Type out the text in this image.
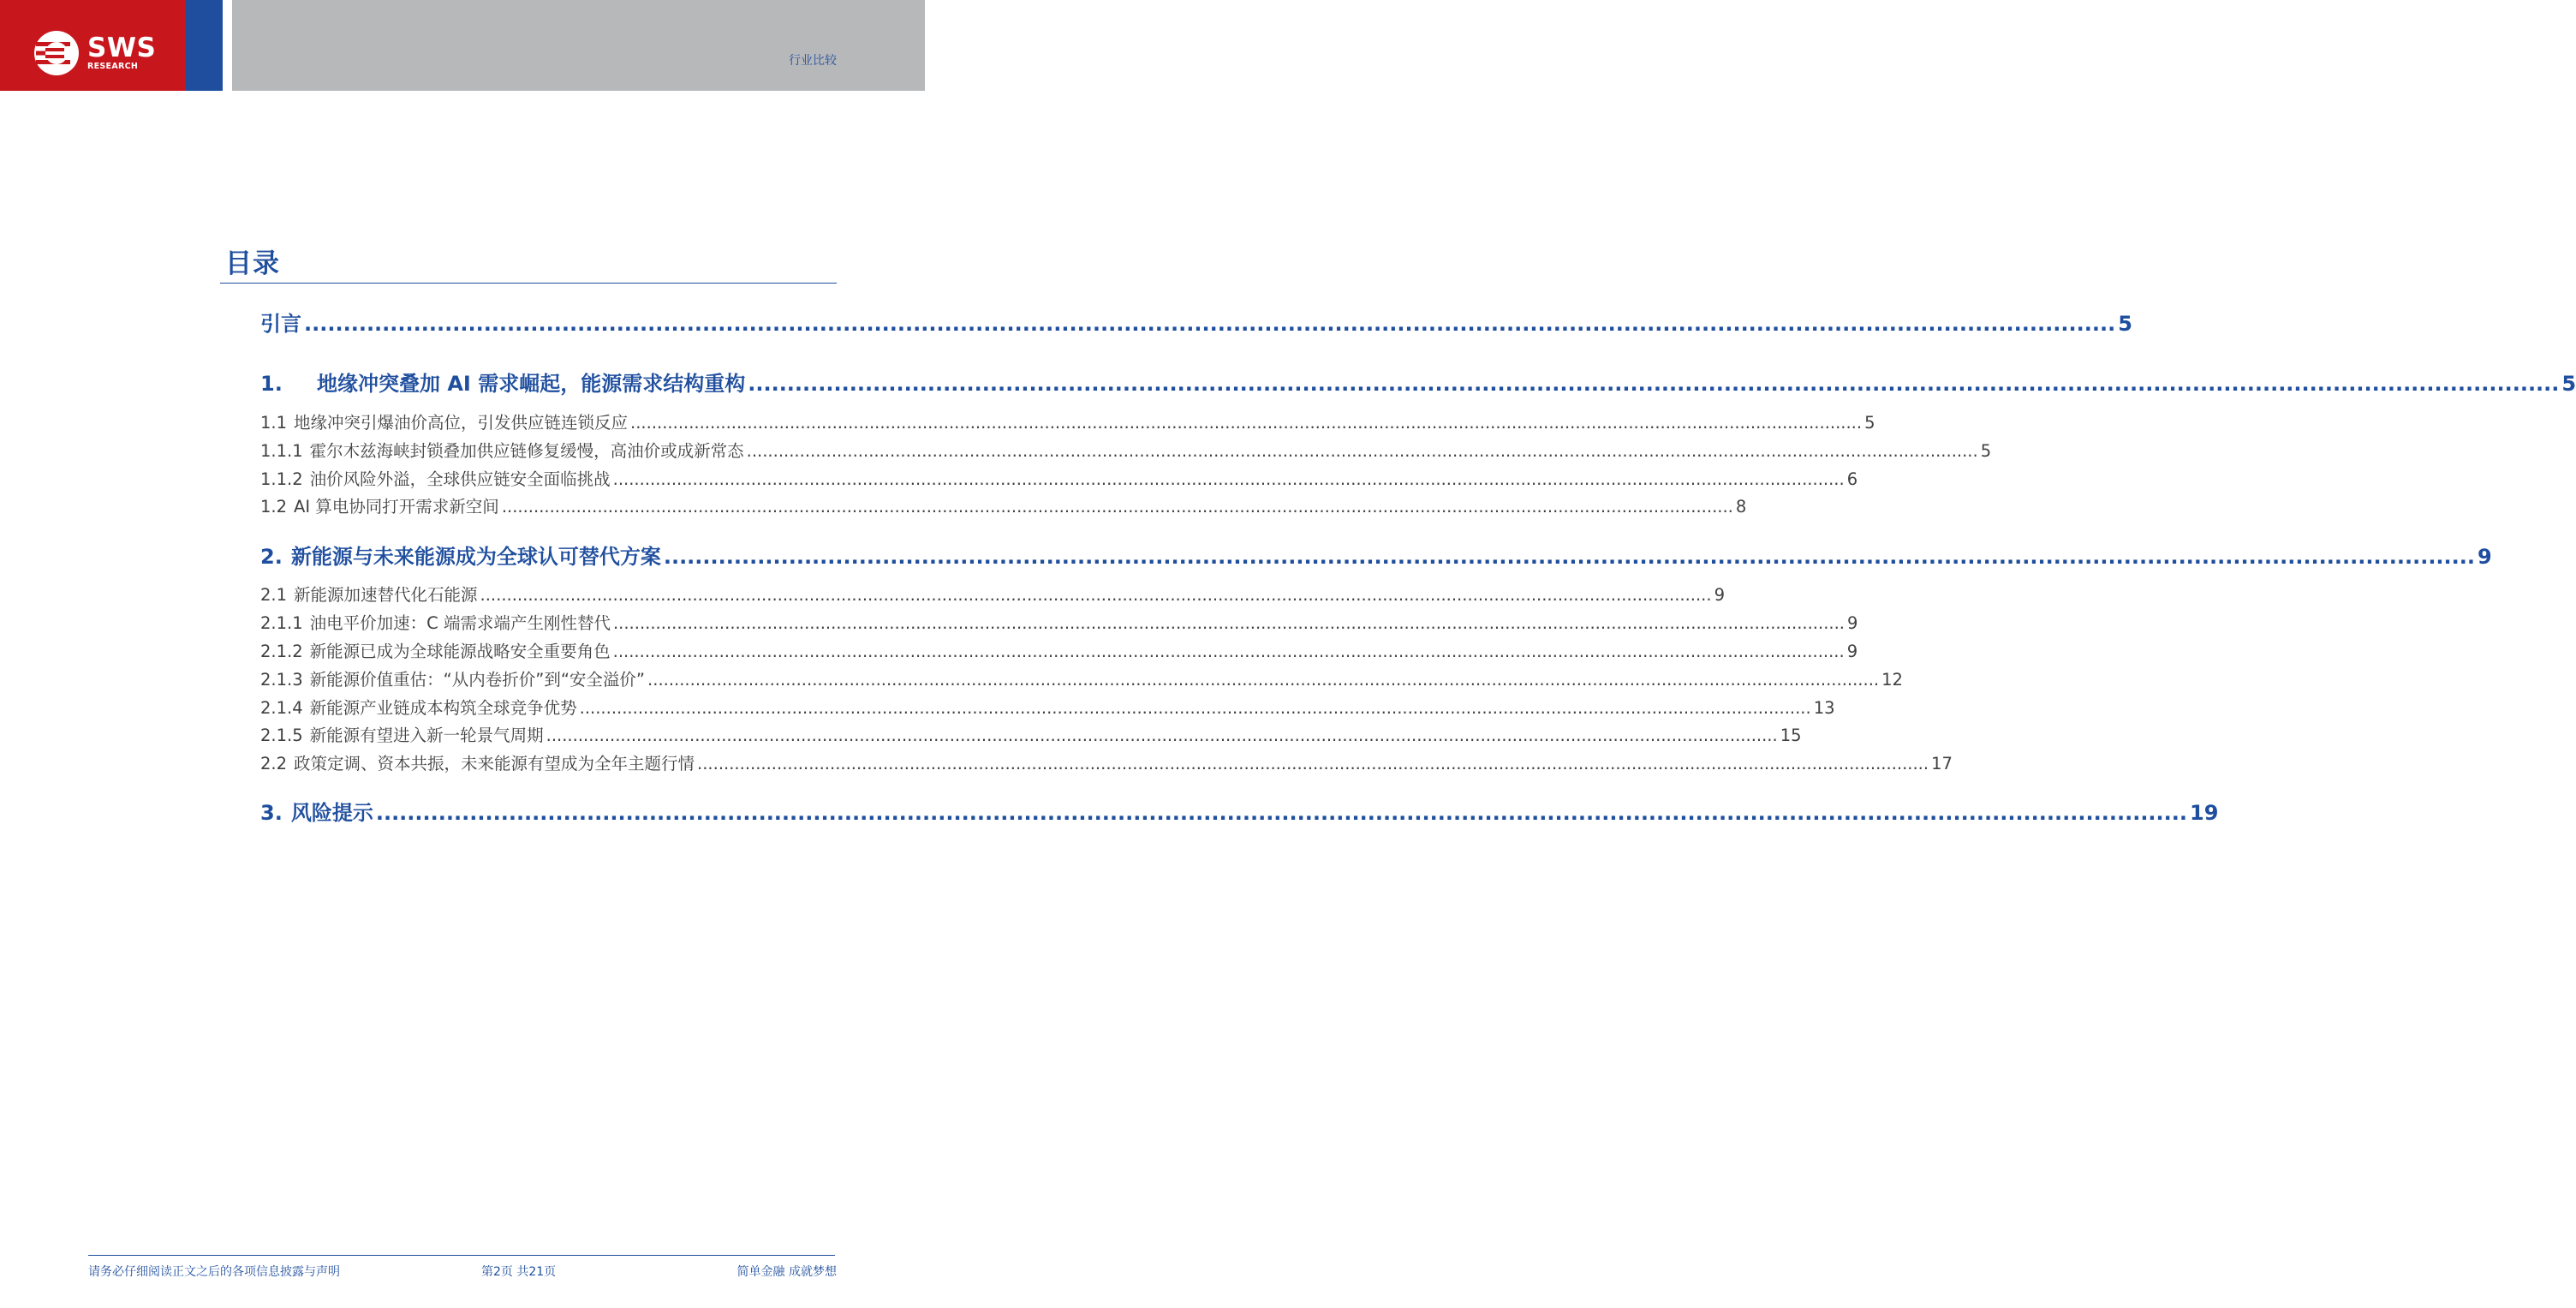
SWS
RESEARCH	行业比较
目录
引言 .....	5
1.	地缘冲突叠加 AI 需求崛起，能源需求结构重构 .....	5
1.1 地缘冲突引爆油价高位，引发供应链连锁反应 .....	5
1.1.1 霍尔木兹海峡封锁叠加供应链修复缓慢，高油价或成新常态 .....	5
1.1.2 油价风险外溢，全球供应链安全面临挑战 .....	6
1.2 AI 算电协同打开需求新空间 .....	8
2. 新能源与未来能源成为全球认可替代方案 .....	9
2.1 新能源加速替代化石能源 .....	9
2.1.1 油电平价加速：C 端需求端产生刚性替代 .....	9
2.1.2 新能源已成为全球能源战略安全重要角色 .....	9
2.1.3 新能源价值重估：“从内卷折价”到“安全溢价” .....	12
2.1.4 新能源产业链成本构筑全球竞争优势 .....	13
2.1.5 新能源有望进入新一轮景气周期 .....	15
2.2 政策定调、资本共振，未来能源有望成为全年主题行情 .....	17
3. 风险提示 .....	19
请务必仔细阅读正文之后的各项信息披露与声明	第2页 共21页	简单金融 成就梦想
